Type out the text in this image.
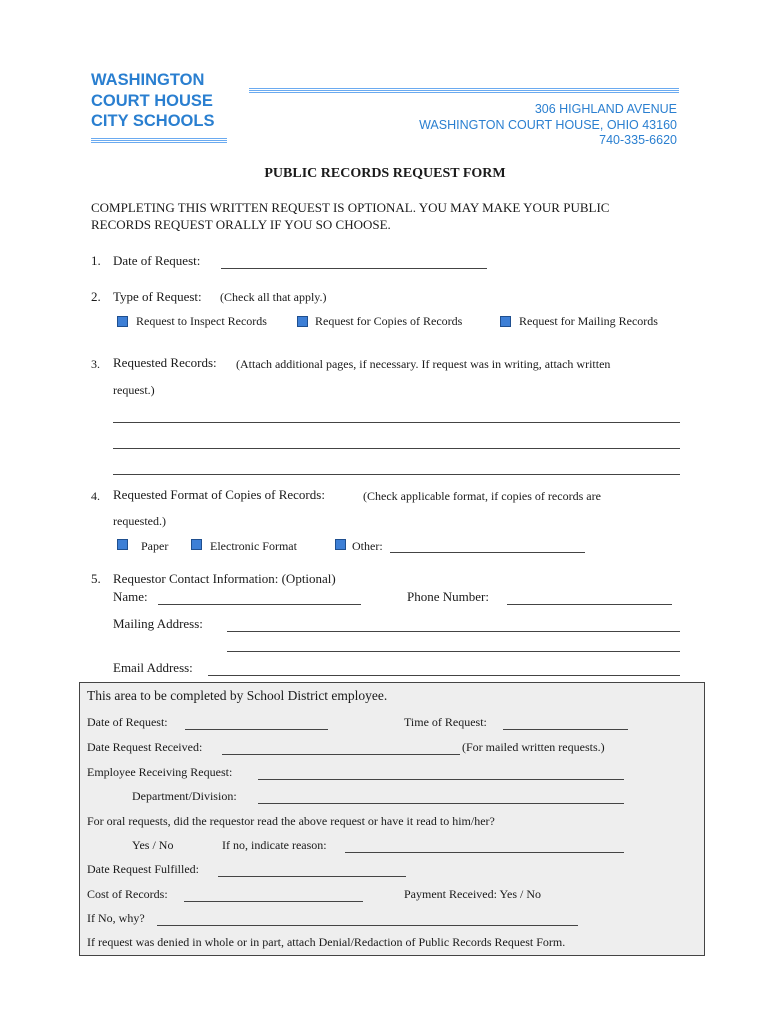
WASHINGTON
COURT HOUSE
CITY SCHOOLS
306 HIGHLAND AVENUE
WASHINGTON COURT HOUSE, OHIO 43160
740-335-6620
PUBLIC RECORDS REQUEST FORM
COMPLETING THIS WRITTEN REQUEST IS OPTIONAL. YOU MAY MAKE YOUR PUBLIC
RECORDS REQUEST ORALLY IF YOU SO CHOOSE.
1. Date of Request:
2. Type of Request: (Check all that apply.)
Request to Inspect Records	Request for Copies of Records	Request for Mailing Records
3. Requested Records: (Attach additional pages, if necessary. If request was in writing, attach written
request.)
4. Requested Format of Copies of Records:	(Check applicable format, if copies of records are
requested.)
Paper	Electronic Format	Other:
5. Requestor Contact Information: (Optional)
Name:	Phone Number:
Mailing Address:
Email Address:
This area to be completed by School District employee.
Date of Request:	Time of Request:
Date Request Received:	(For mailed written requests.)
Employee Receiving Request:
Department/Division:
For oral requests, did the requestor read the above request or have it read to him/her?
Yes / No	If no, indicate reason:
Date Request Fulfilled:
Cost of Records:	Payment Received: Yes / No
If No, why?
If request was denied in whole or in part, attach Denial/Redaction of Public Records Request Form.
